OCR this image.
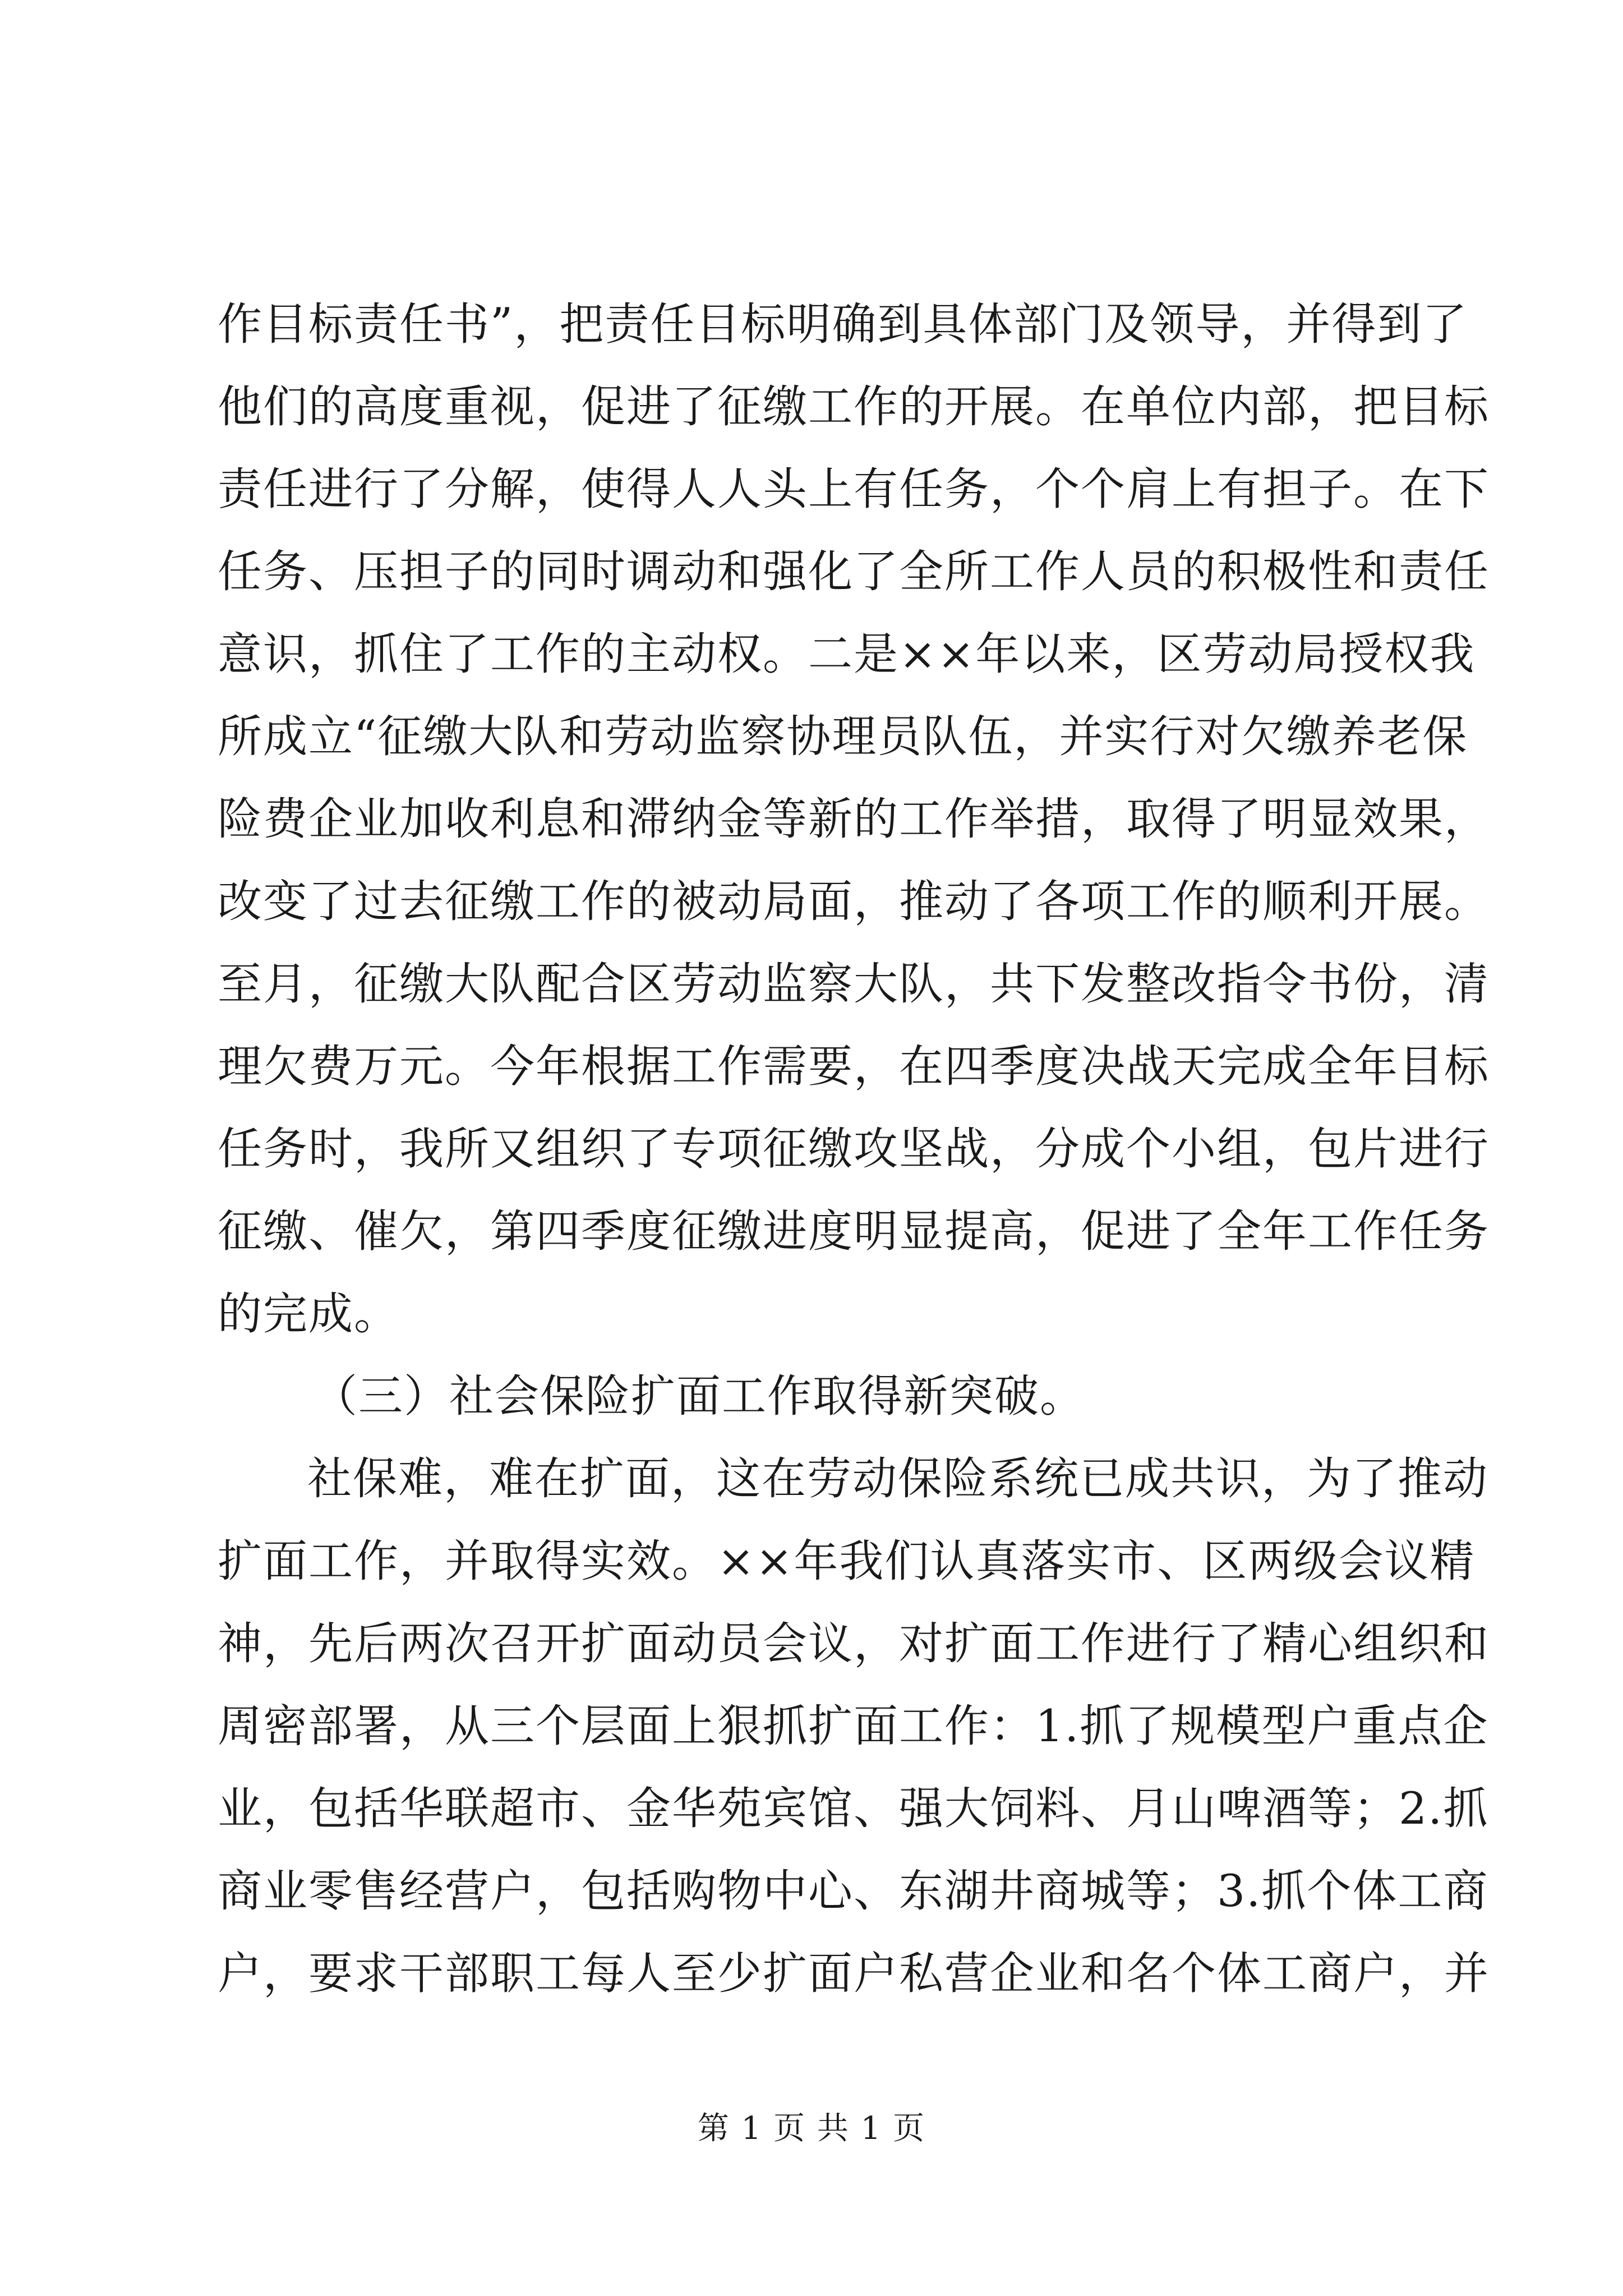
作目标责任书”，把责任目标明确到具体部门及领导，并得到了
他们的高度重视，促进了征缴工作的开展。在单位内部，把目标
责任进行了分解，使得人人头上有任务，个个肩上有担子。在下
任务、压担子的同时调动和强化了全所工作人员的积极性和责任
意识，抓住了工作的主动权。二是××年以来，区劳动局授权我
所成立“征缴大队和劳动监察协理员队伍，并实行对欠缴养老保
险费企业加收利息和滞纳金等新的工作举措，取得了明显效果，
改变了过去征缴工作的被动局面，推动了各项工作的顺利开展。
至月，征缴大队配合区劳动监察大队，共下发整改指令书份，清
理欠费万元。今年根据工作需要，在四季度决战天完成全年目标
任务时，我所又组织了专项征缴攻坚战，分成个小组，包片进行
征缴、催欠，第四季度征缴进度明显提高，促进了全年工作任务
的完成。
（三）社会保险扩面工作取得新突破。
社保难，难在扩面，这在劳动保险系统已成共识，为了推动
扩面工作，并取得实效。××年我们认真落实市、区两级会议精
神，先后两次召开扩面动员会议，对扩面工作进行了精心组织和
周密部署，从三个层面上狠抓扩面工作：1.抓了规模型户重点企
业，包括华联超市、金华苑宾馆、强大饲料、月山啤酒等；2.抓
商业零售经营户，包括购物中心、东湖井商城等；3.抓个体工商
户，要求干部职工每人至少扩面户私营企业和名个体工商户，并
第 1 页 共 1 页
